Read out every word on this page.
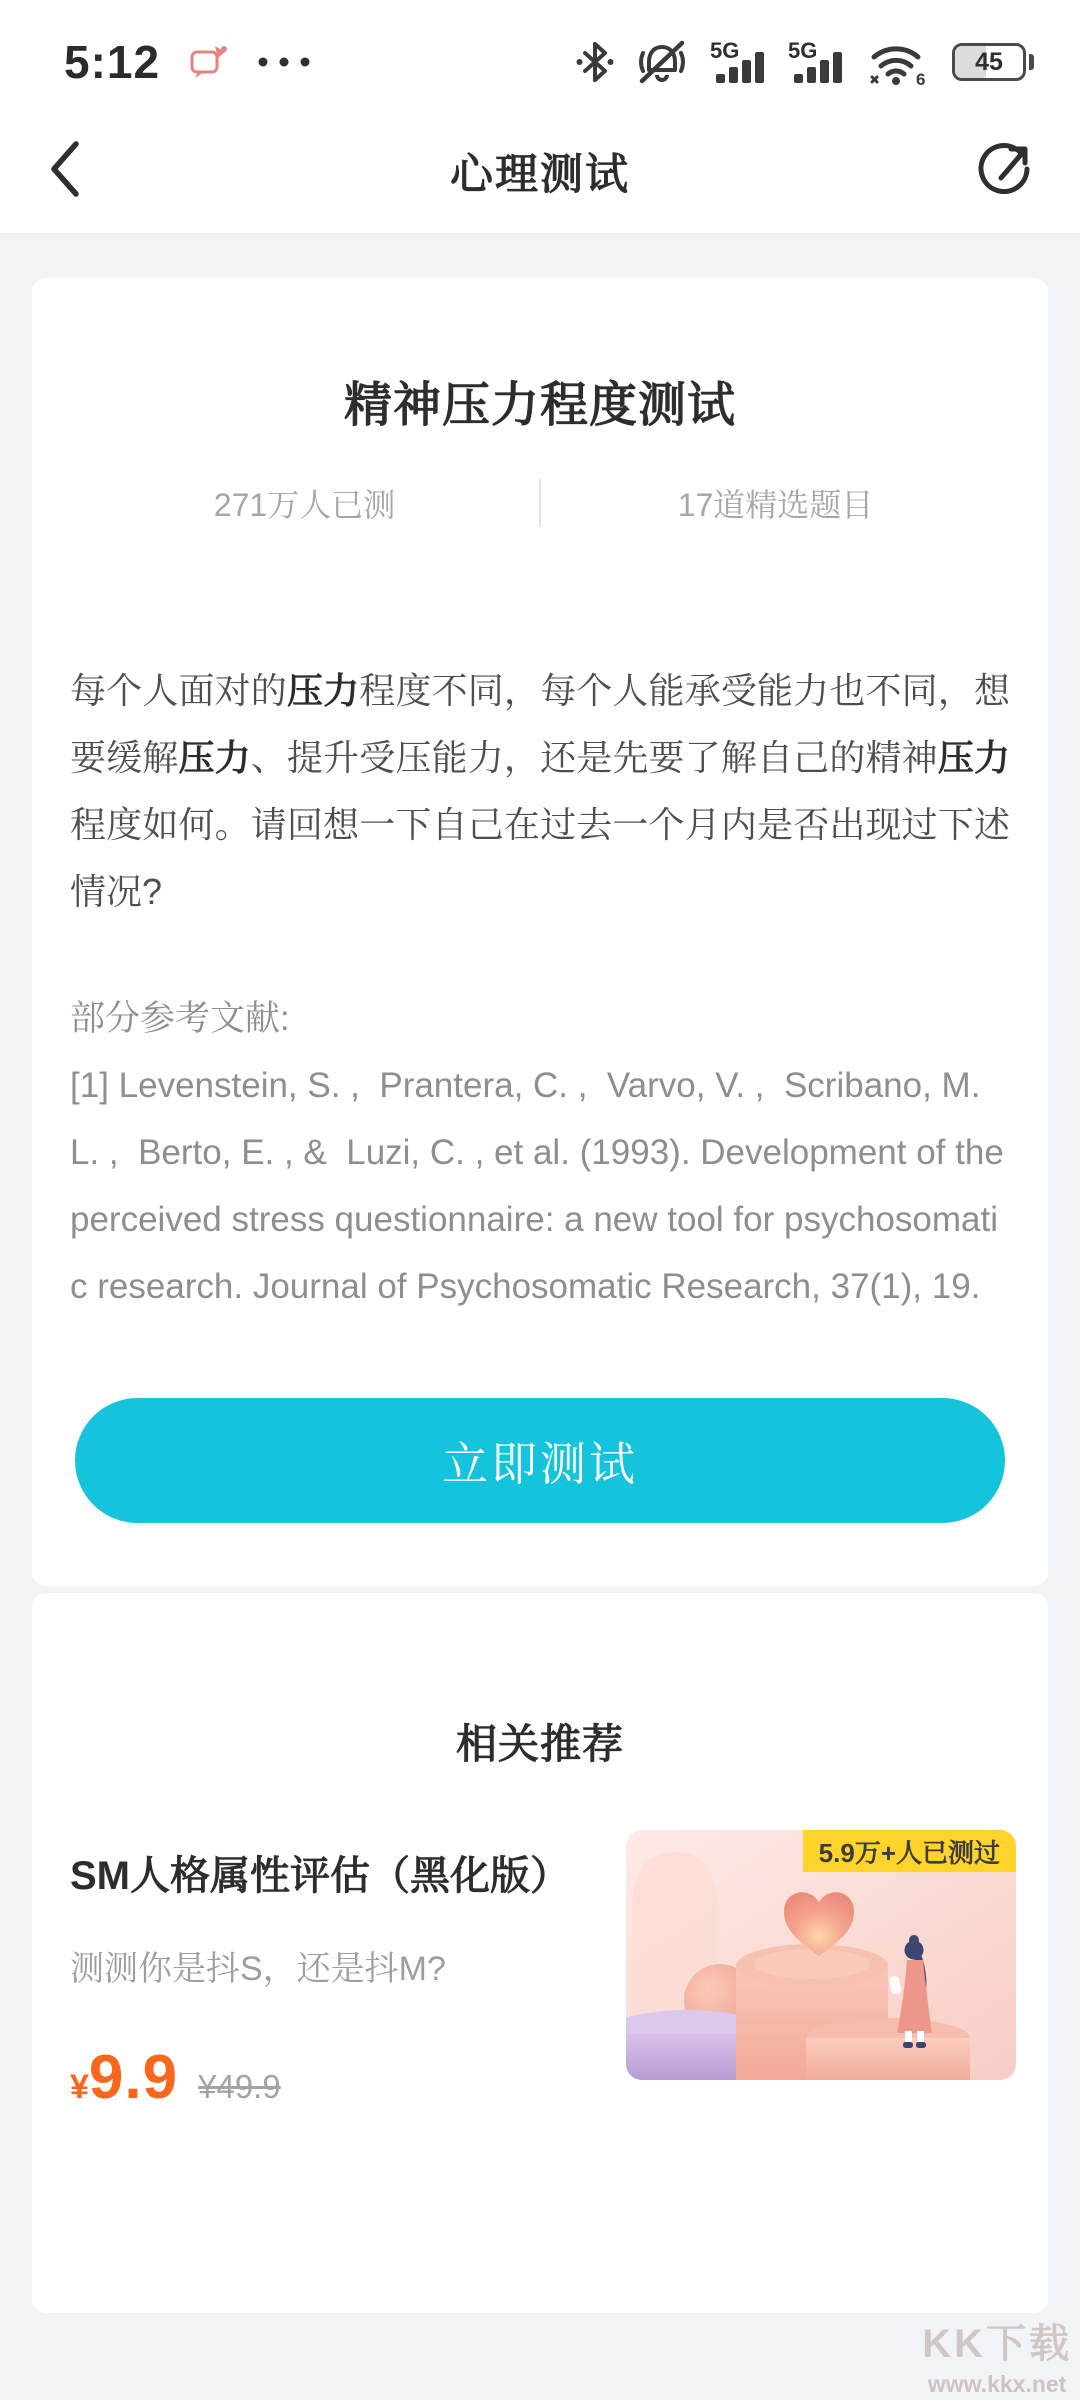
5:12	5G 5G
6
45
心理测试
精神压力程度测试
271万人已测	17道精选题目
每个人面对的压力程度不同，每个人能承受能力也不同，想要缓解压力、提升受压能力，还是先要了解自己的精神压力程度如何。请回想一下自己在过去一个月内是否出现过下述情况?
部分参考文献:
[1] Levenstein, S. ,  Prantera, C. ,  Varvo, V. ,  Scribano, M. L. ,  Berto, E. , &  Luzi, C. , et al. (1993). Development of the perceived stress questionnaire: a new tool for psychosomatic research. Journal of Psychosomatic Research, 37(1), 19.
立即测试
相关推荐
SM人格属性评估（黑化版）
测测你是抖S，还是抖M?
¥ 9.9 ¥49.9
5.9万+人已测过
KK下载
www.kkx.net
